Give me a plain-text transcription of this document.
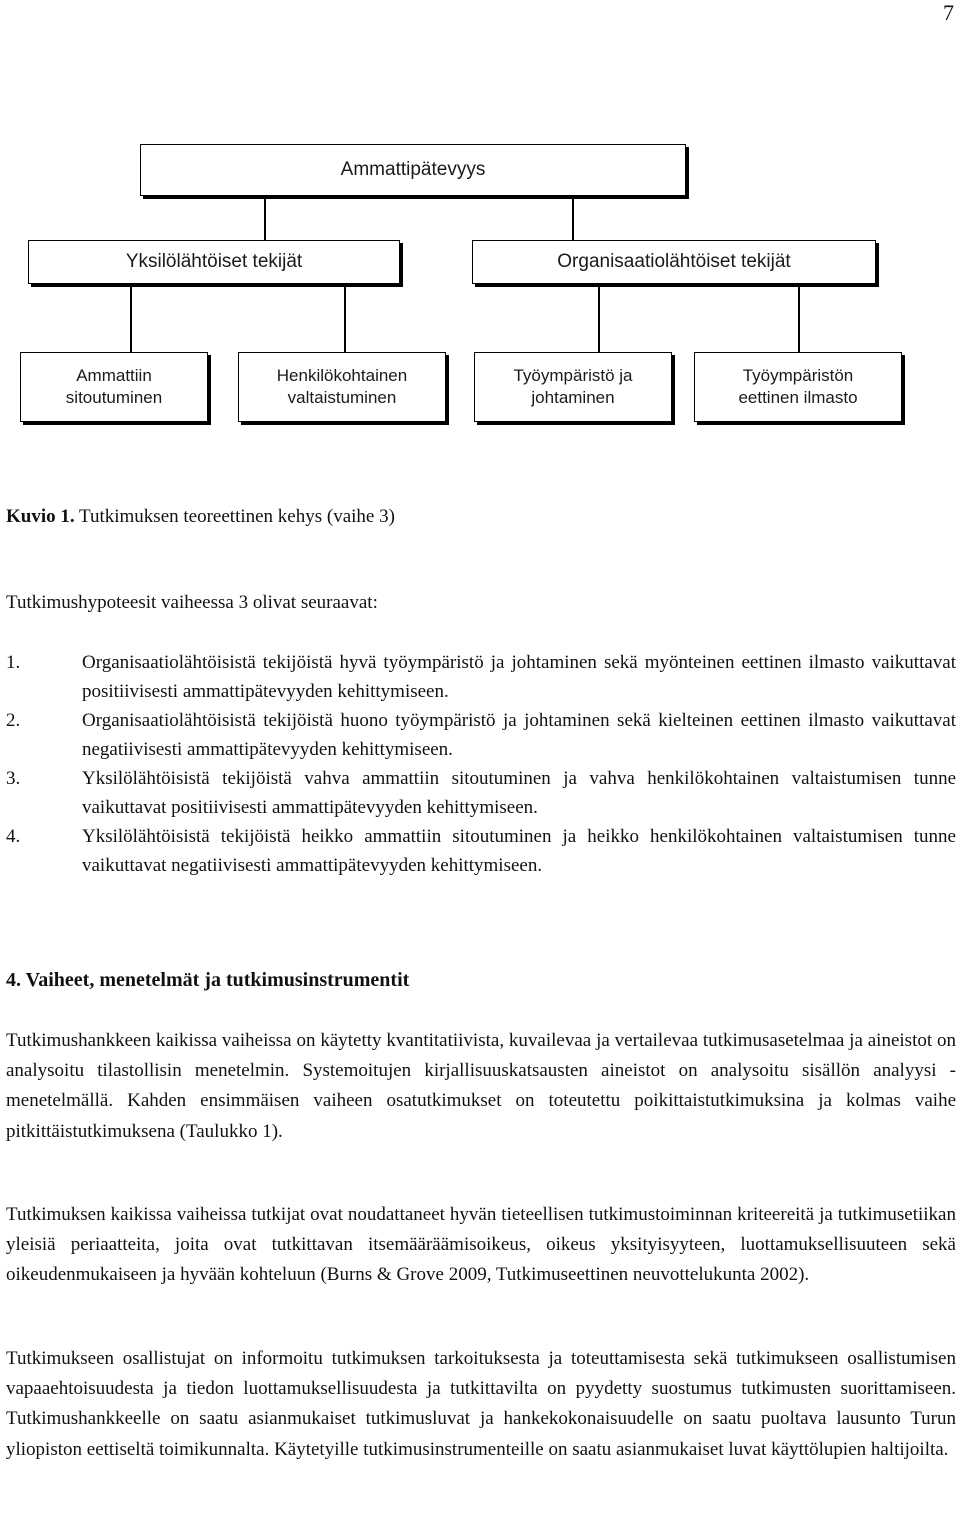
7
Ammattipätevyys
Yksilölähtöiset tekijät	Organisaatiolähtöiset tekijät
Ammattiin
sitoutuminen
Henkilökohtainen
valtaistuminen
Työympäristö ja
johtaminen
Työympäristön
eettinen ilmasto
Kuvio 1. Tutkimuksen teoreettinen kehys (vaihe 3)
Tutkimushypoteesit vaiheessa 3 olivat seuraavat:
1.	Organisaatiolähtöisistä tekijöistä hyvä työympäristö ja johtaminen sekä myönteinen eettinen ilmasto vaikuttavat positiivisesti ammattipätevyyden kehittymiseen.
2.	Organisaatiolähtöisistä tekijöistä huono työympäristö ja johtaminen sekä kielteinen eettinen ilmasto vaikuttavat negatiivisesti ammattipätevyyden kehittymiseen.
3.	Yksilölähtöisistä tekijöistä vahva ammattiin sitoutuminen ja vahva henkilökohtainen valtaistumisen tunne vaikuttavat positiivisesti ammattipätevyyden kehittymiseen.
4.	Yksilölähtöisistä tekijöistä heikko ammattiin sitoutuminen ja heikko henkilökohtainen valtaistumisen tunne vaikuttavat negatiivisesti ammattipätevyyden kehittymiseen.
4. Vaiheet, menetelmät ja tutkimusinstrumentit

Tutkimushankkeen kaikissa vaiheissa on käytetty kvantitatiivista, kuvailevaa ja vertailevaa tutkimusasetelmaa ja aineistot on analysoitu tilastollisin menetelmin. Systemoitujen kirjallisuuskatsausten aineistot on analysoitu sisällön analyysi -menetelmällä. Kahden ensimmäisen vaiheen osatutkimukset on toteutettu poikittaistutkimuksina ja kolmas vaihe pitkittäistutkimuksena (Taulukko 1).

Tutkimuksen kaikissa vaiheissa tutkijat ovat noudattaneet hyvän tieteellisen tutkimustoiminnan kriteereitä ja tutkimusetiikan yleisiä periaatteita, joita ovat tutkittavan itsemääräämisoikeus, oikeus yksityisyyteen, luottamuksellisuuteen sekä oikeudenmukaiseen ja hyvään kohteluun (Burns & Grove 2009, Tutkimuseettinen neuvottelukunta 2002).

Tutkimukseen osallistujat on informoitu tutkimuksen tarkoituksesta ja toteuttamisesta sekä tutkimukseen osallistumisen vapaaehtoisuudesta ja tiedon luottamuksellisuudesta ja tutkittavilta on pyydetty suostumus tutkimusten suorittamiseen. Tutkimushankkeelle on saatu asianmukaiset tutkimusluvat ja hankekokonaisuudelle on saatu puoltava lausunto Turun yliopiston eettiseltä toimikunnalta. Käytetyille tutkimusinstrumenteille on saatu asianmukaiset luvat käyttölupien haltijoilta.
